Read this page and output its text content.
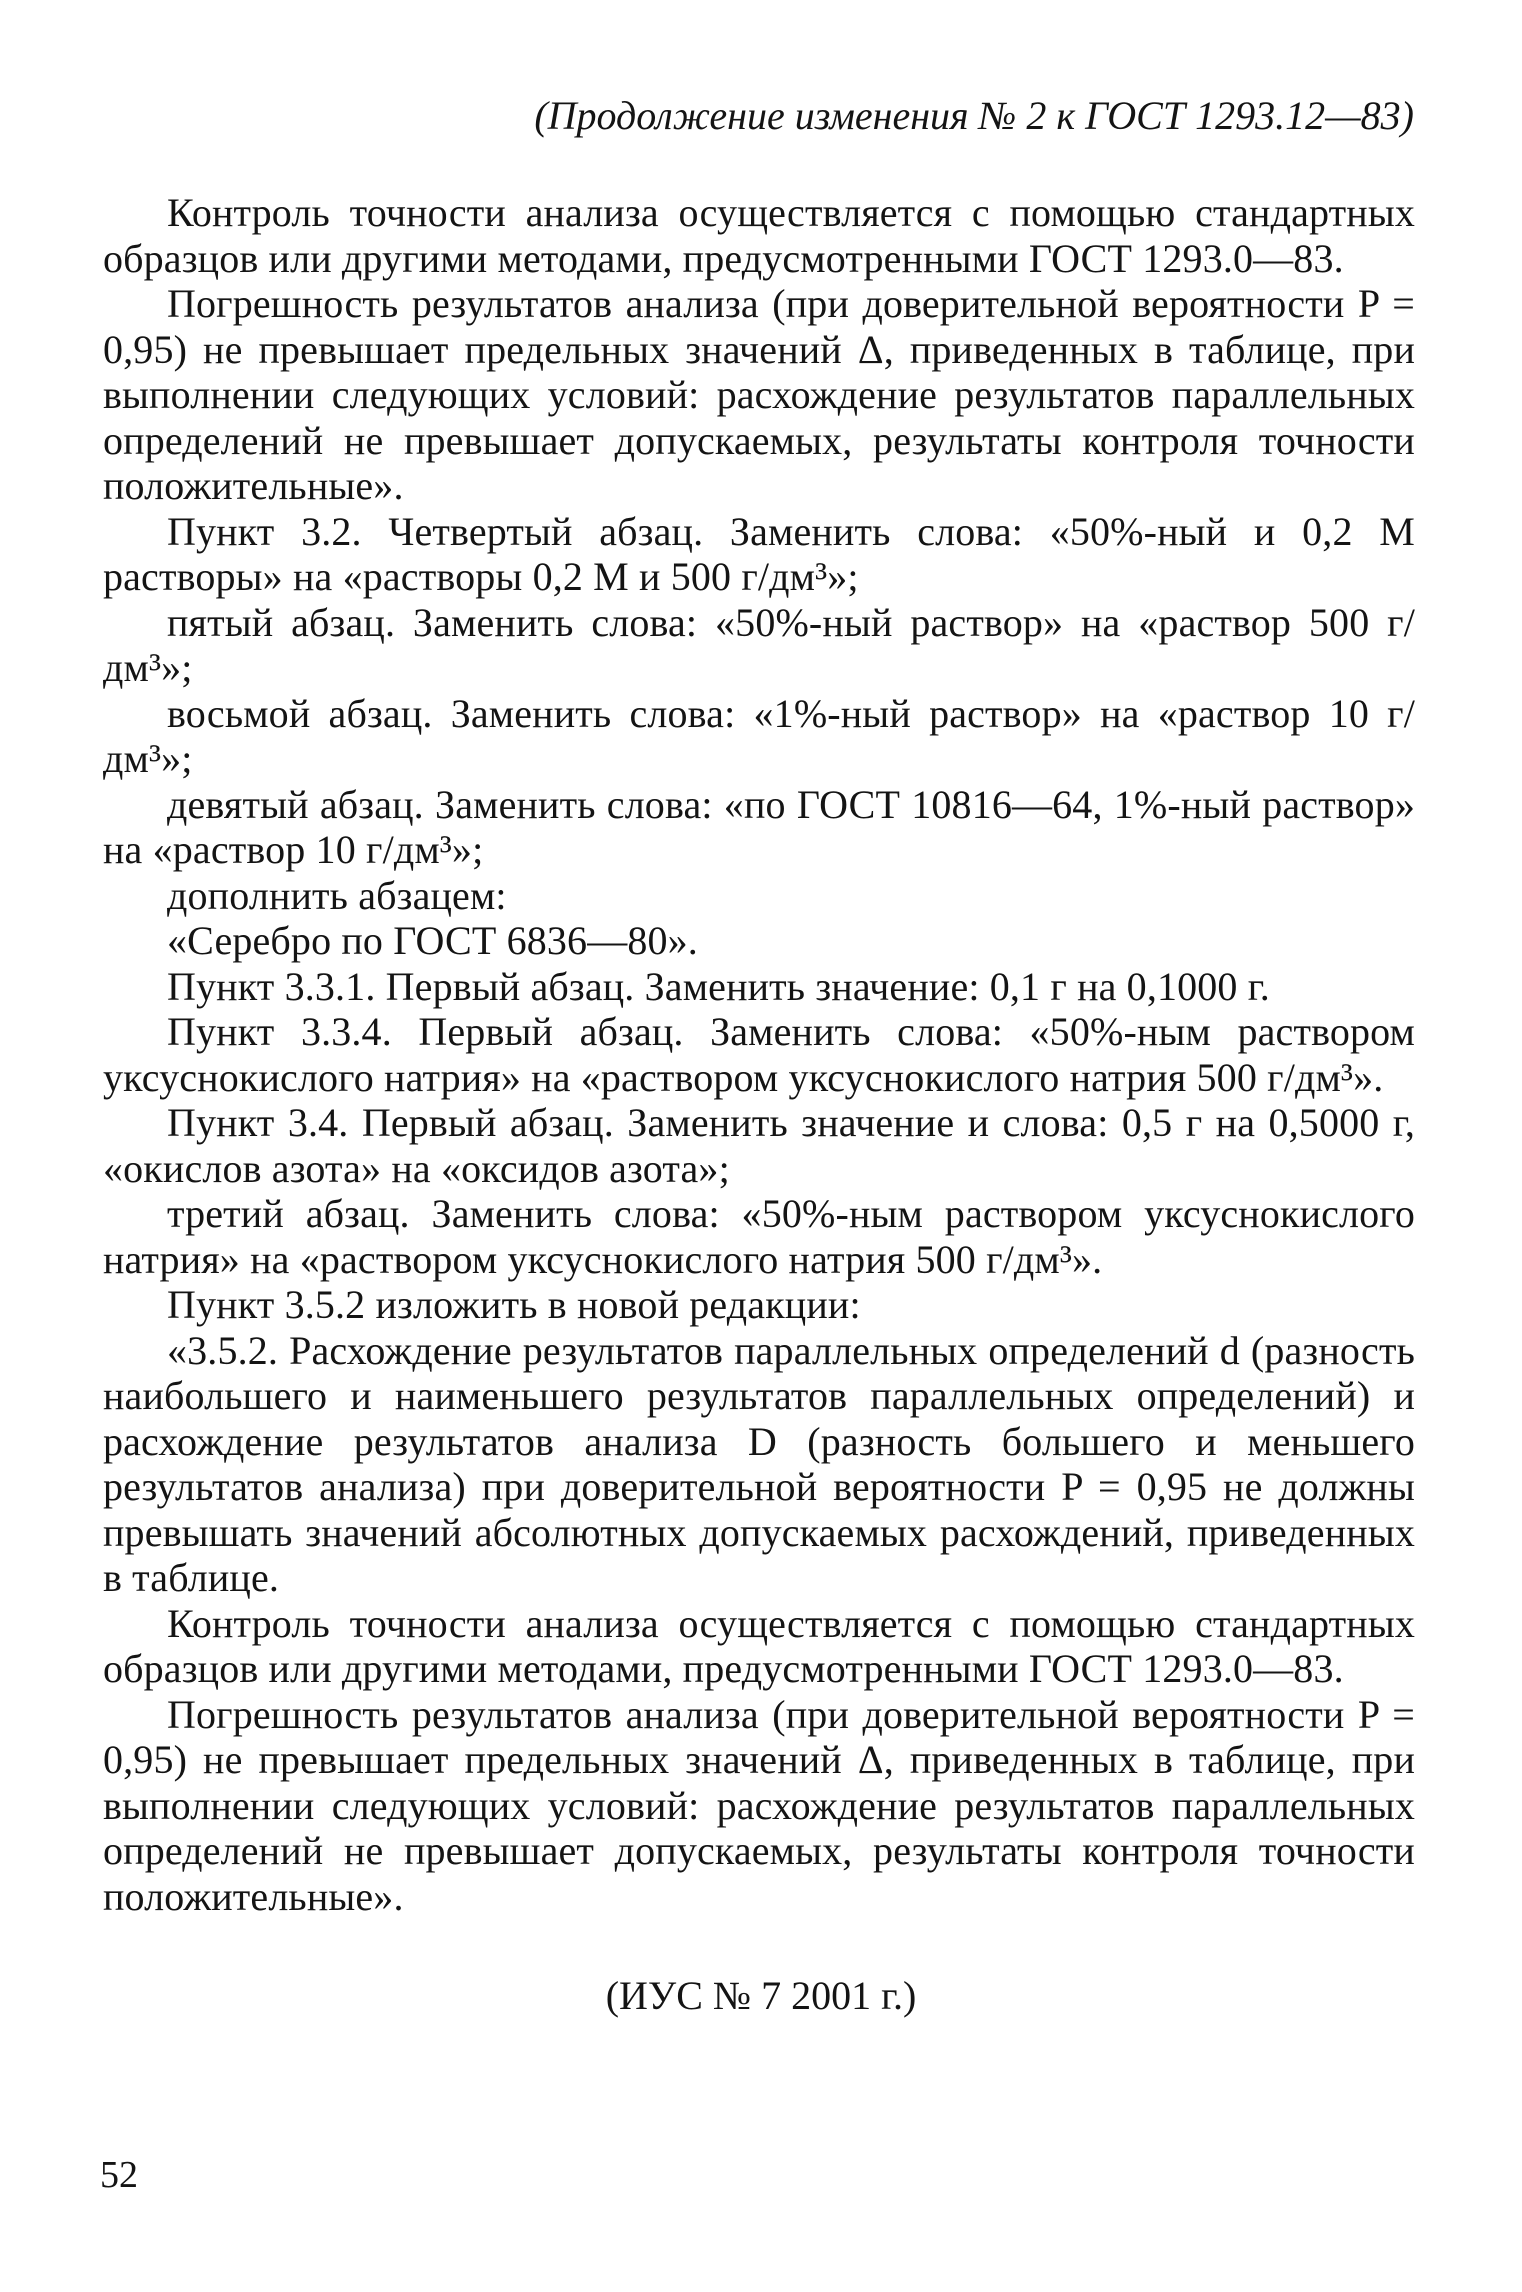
(Продолжение изменения № 2 к ГОСТ 1293.12—83)

Контроль точности анализа осуществляется с помощью стандартных образцов или другими методами, предусмотренными ГОСТ 1293.0—83.

Погрешность результатов анализа (при доверительной вероятности P = 0,95) не превышает предельных значений Δ, приведенных в таблице, при выполнении следующих условий: расхождение результатов параллельных определений не превышает допускаемых, результаты контроля точности положительные».

Пункт 3.2. Четвертый абзац. Заменить слова: «50%-ный и 0,2 М растворы» на «растворы 0,2 М и 500 г/дм³»;

пятый абзац. Заменить слова: «50%-ный раствор» на «раствор 500 г/дм³»;

восьмой абзац. Заменить слова: «1%-ный раствор» на «раствор 10 г/дм³»;

девятый абзац. Заменить слова: «по ГОСТ 10816—64, 1%-ный раствор» на «раствор 10 г/дм³»;

дополнить абзацем:

«Серебро по ГОСТ 6836—80».

Пункт 3.3.1. Первый абзац. Заменить значение: 0,1 г на 0,1000 г.

Пункт 3.3.4. Первый абзац. Заменить слова: «50%-ным раствором уксуснокислого натрия» на «раствором уксуснокислого натрия 500 г/дм³».

Пункт 3.4. Первый абзац. Заменить значение и слова: 0,5 г на 0,5000 г, «окислов азота» на «оксидов азота»;

третий абзац. Заменить слова: «50%-ным раствором уксуснокислого натрия» на «раствором уксуснокислого натрия 500 г/дм³».

Пункт 3.5.2 изложить в новой редакции:

«3.5.2. Расхождение результатов параллельных определений d (разность наибольшего и наименьшего результатов параллельных определений) и расхождение результатов анализа D (разность большего и меньшего результатов анализа) при доверительной вероятности P = 0,95 не должны превышать значений абсолютных допускаемых расхождений, приведенных в таблице.

Контроль точности анализа осуществляется с помощью стандартных образцов или другими методами, предусмотренными ГОСТ 1293.0—83.

Погрешность результатов анализа (при доверительной вероятности P = 0,95) не превышает предельных значений Δ, приведенных в таблице, при выполнении следующих условий: расхождение результатов параллельных определений не превышает допускаемых, результаты контроля точности положительные».

(ИУС № 7 2001 г.)
52
